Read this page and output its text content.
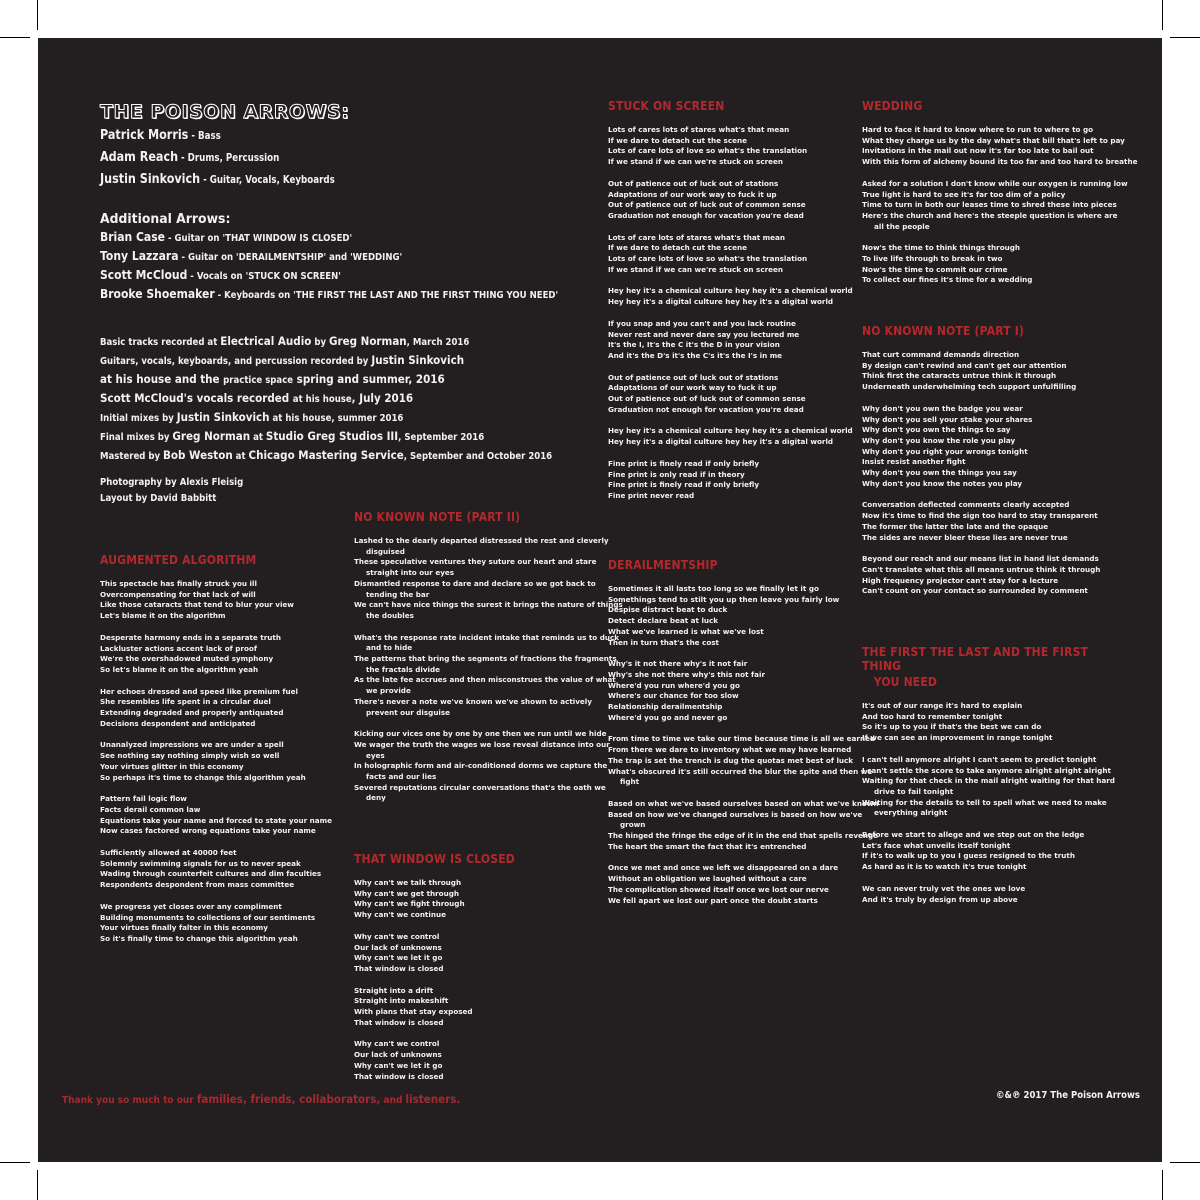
THE POISON ARROWS:
Patrick Morris - Bass
Adam Reach - Drums, Percussion
Justin Sinkovich - Guitar, Vocals, Keyboards
Additional Arrows:
Brian Case - Guitar on 'THAT WINDOW IS CLOSED'
Tony Lazzara - Guitar on 'DERAILMENTSHIP' and 'WEDDING'
Scott McCloud - Vocals on 'STUCK ON SCREEN'
Brooke Shoemaker - Keyboards on 'THE FIRST THE LAST AND THE FIRST THING YOU NEED'
Basic tracks recorded at Electrical Audio by Greg Norman, March 2016
Guitars, vocals, keyboards, and percussion recorded by Justin Sinkovich
at his house and the practice space spring and summer, 2016
Scott McCloud's vocals recorded at his house, July 2016
Initial mixes by Justin Sinkovich at his house, summer 2016
Final mixes by Greg Norman at Studio Greg Studios III, September 2016
Mastered by Bob Weston at Chicago Mastering Service, September and October 2016
Photography by Alexis Fleisig
Layout by David Babbitt
AUGMENTED ALGORITHM
This spectacle has finally struck you ill
Overcompensating for that lack of will
Like those cataracts that tend to blur your view
Let's blame it on the algorithm
Desperate harmony ends in a separate truth
Lackluster actions accent lack of proof
We're the overshadowed muted symphony
So let's blame it on the algorithm yeah
Her echoes dressed and speed like premium fuel
She resembles life spent in a circular duel
Extending degraded and properly antiquated
Decisions despondent and anticipated
Unanalyzed impressions we are under a spell
See nothing say nothing simply wish so well
Your virtues glitter in this economy
So perhaps it's time to change this algorithm yeah
Pattern fail logic flow
Facts derail common law
Equations take your name and forced to state your name
Now cases factored wrong equations take your name
Sufficiently allowed at 40000 feet
Solemnly swimming signals for us to never speak
Wading through counterfeit cultures and dim faculties
Respondents despondent from mass committee
We progress yet closes over any compliment
Building monuments to collections of our sentiments
Your virtues finally falter in this economy
So it's finally time to change this algorithm yeah
NO KNOWN NOTE (PART II)
Lashed to the dearly departed distressed the rest and cleverly
disguised
These speculative ventures they suture our heart and stare
straight into our eyes
Dismantled response to dare and declare so we got back to
tending the bar
We can't have nice things the surest it brings the nature of things
the doubles
What's the response rate incident intake that reminds us to duck
and to hide
The patterns that bring the segments of fractions the fragments
the fractals divide
As the late fee accrues and then misconstrues the value of what
we provide
There's never a note we've known we've shown to actively
prevent our disguise
Kicking our vices one by one by one then we run until we hide
We wager the truth the wages we lose reveal distance into our
eyes
In holographic form and air-conditioned dorms we capture the
facts and our lies
Severed reputations circular conversations that's the oath we
deny
THAT WINDOW IS CLOSED
Why can't we talk through
Why can't we get through
Why can't we fight through
Why can't we continue
Why can't we control
Our lack of unknowns
Why can't we let it go
That window is closed
Straight into a drift
Straight into makeshift
With plans that stay exposed
That window is closed
Why can't we control
Our lack of unknowns
Why can't we let it go
That window is closed
STUCK ON SCREEN
Lots of cares lots of stares what's that mean
If we dare to detach cut the scene
Lots of care lots of love so what's the translation
If we stand if we can we're stuck on screen
Out of patience out of luck out of stations
Adaptations of our work way to fuck it up
Out of patience out of luck out of common sense
Graduation not enough for vacation you're dead
Lots of care lots of stares what's that mean
If we dare to detach cut the scene
Lots of care lots of love so what's the translation
If we stand if we can we're stuck on screen
Hey hey it's a chemical culture hey hey it's a chemical world
Hey hey it's a digital culture hey hey it's a digital world
If you snap and you can't and you lack routine
Never rest and never dare say you lectured me
It's the I, It's the C it's the D in your vision
And it's the D's it's the C's it's the I's in me
Out of patience out of luck out of stations
Adaptations of our work way to fuck it up
Out of patience out of luck out of common sense
Graduation not enough for vacation you're dead
Hey hey it's a chemical culture hey hey it's a chemical world
Hey hey it's a digital culture hey hey it's a digital world
Fine print is finely read if only briefly
Fine print is only read if in theory
Fine print is finely read if only briefly
Fine print never read
DERAILMENTSHIP
Sometimes it all lasts too long so we finally let it go
Somethings tend to stilt you up then leave you fairly low
Despise distract beat to duck
Detect declare beat at luck
What we've learned is what we've lost
Then in turn that's the cost
Why's it not there why's it not fair
Why's she not there why's this not fair
Where'd you run where'd you go
Where's our chance for too slow
Relationship derailmentship
Where'd you go and never go
From time to time we take our time because time is all we earned
From there we dare to inventory what we may have learned
The trap is set the trench is dug the quotas met best of luck
What's obscured it's still occurred the blur the spite and then we
fight
Based on what we've based ourselves based on what we've known
Based on how we've changed ourselves is based on how we've
grown
The hinged the fringe the edge of it in the end that spells revenge
The heart the smart the fact that it's entrenched
Once we met and once we left we disappeared on a dare
Without an obligation we laughed without a care
The complication showed itself once we lost our nerve
We fell apart we lost our part once the doubt starts
WEDDING
Hard to face it hard to know where to run to where to go
What they charge us by the day what's that bill that's left to pay
Invitations in the mail out now it's far too late to bail out
With this form of alchemy bound its too far and too hard to breathe
Asked for a solution I don't know while our oxygen is running low
True light is hard to see it's far too dim of a policy
Time to turn in both our leases time to shred these into pieces
Here's the church and here's the steeple question is where are
all the people
Now's the time to think things through
To live life through to break in two
Now's the time to commit our crime
To collect our fines it's time for a wedding
NO KNOWN NOTE (PART I)
That curt command demands direction
By design can't rewind and can't get our attention
Think first the cataracts untrue think it through
Underneath underwhelming tech support unfulfilling
Why don't you own the badge you wear
Why don't you sell your stake your shares
Why don't you own the things to say
Why don't you know the role you play
Why don't you right your wrongs tonight
Insist resist another fight
Why don't you own the things you say
Why don't you know the notes you play
Conversation deflected comments clearly accepted
Now it's time to find the sign too hard to stay transparent
The former the latter the late and the opaque
The sides are never bleer these lies are never true
Beyond our reach and our means list in hand list demands
Can't translate what this all means untrue think it through
High frequency projector can't stay for a lecture
Can't count on your contact so surrounded by comment
THE FIRST THE LAST AND THE FIRST THING
YOU NEED
It's out of our range it's hard to explain
And too hard to remember tonight
So it's up to you if that's the best we can do
If we can see an improvement in range tonight
I can't tell anymore alright I can't seem to predict tonight
I can't settle the score to take anymore alright alright alright
Waiting for that check in the mail alright waiting for that hard
drive to fail tonight
Waiting for the details to tell to spell what we need to make
everything alright
Before we start to allege and we step out on the ledge
Let's face what unveils itself tonight
If it's to walk up to you I guess resigned to the truth
As hard as it is to watch it's true tonight
We can never truly vet the ones we love
And it's truly by design from up above
Thank you so much to our families, friends, collaborators, and listeners.	©&℗ 2017 The Poison Arrows
